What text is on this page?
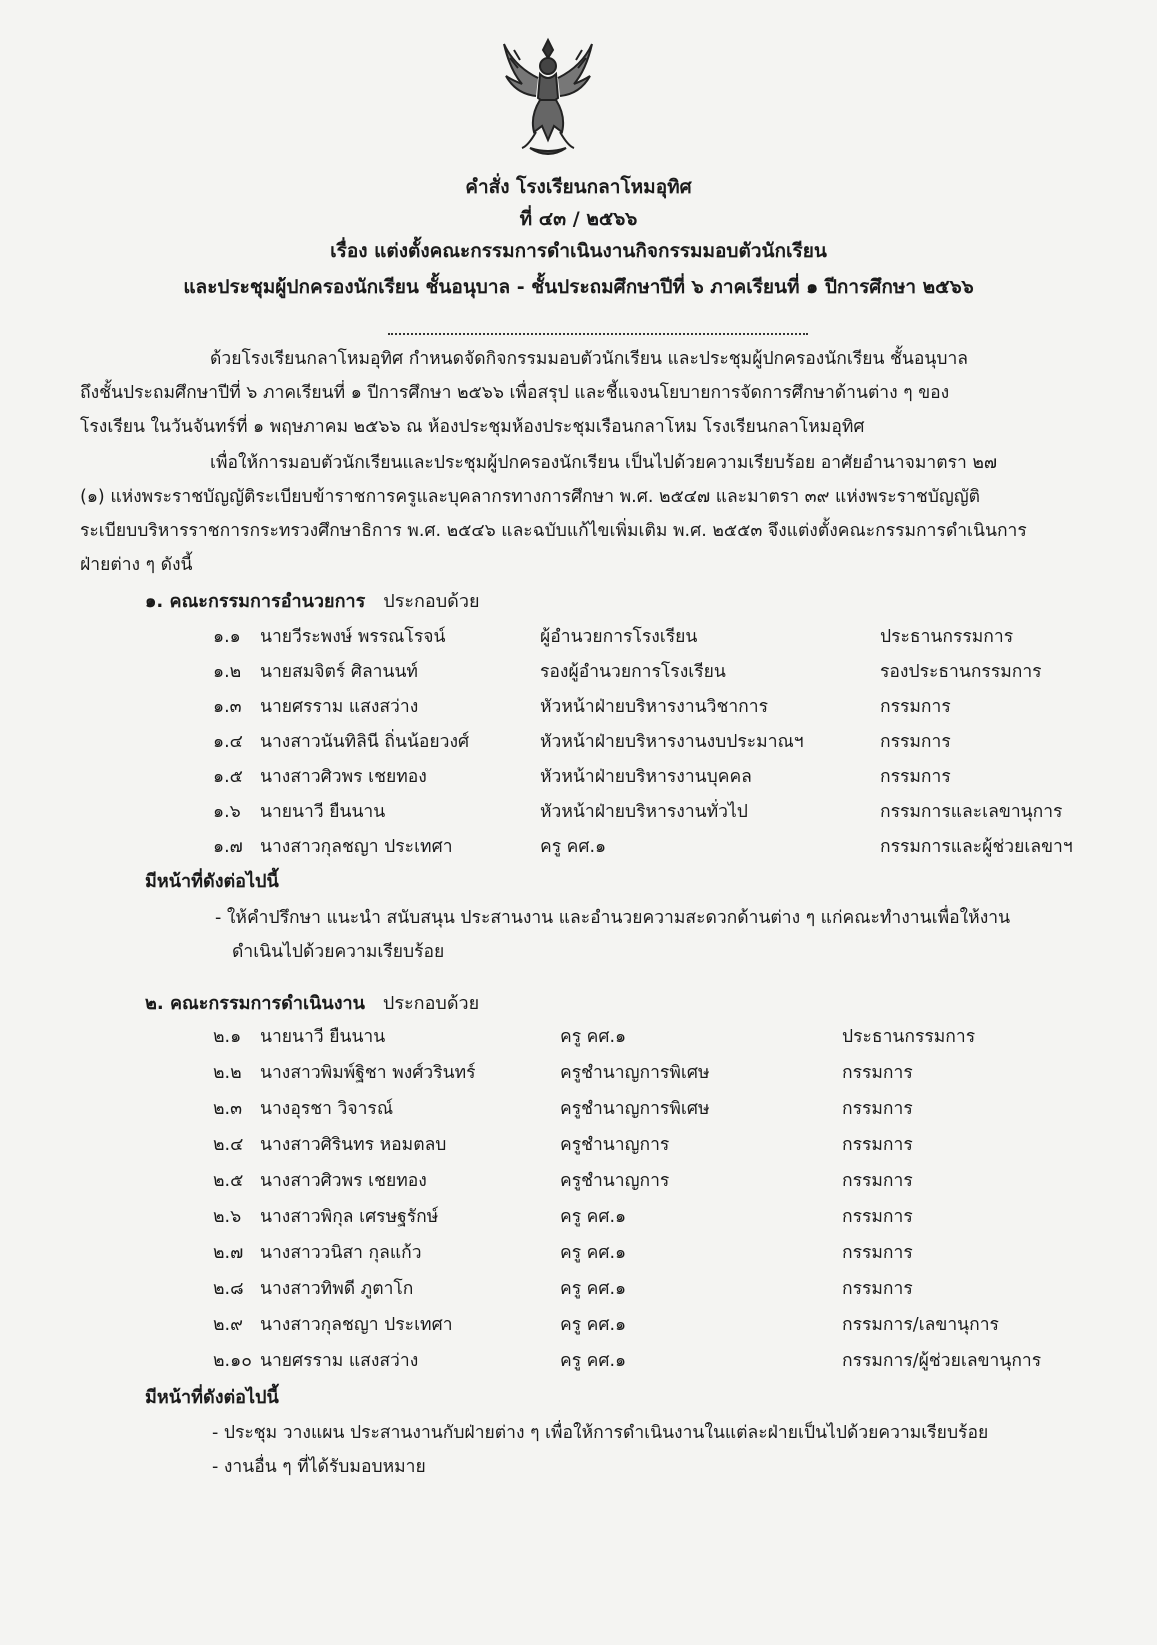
คำสั่ง โรงเรียนกลาโหมอุทิศ
ที่ ๔๓ / ๒๕๖๖
เรื่อง แต่งตั้งคณะกรรมการดำเนินงานกิจกรรมมอบตัวนักเรียน
และประชุมผู้ปกครองนักเรียน ชั้นอนุบาล - ชั้นประถมศึกษาปีที่ ๖ ภาคเรียนที่ ๑ ปีการศึกษา ๒๕๖๖
ด้วยโรงเรียนกลาโหมอุทิศ กำหนดจัดกิจกรรมมอบตัวนักเรียน และประชุมผู้ปกครองนักเรียน ชั้นอนุบาล
ถึงชั้นประถมศึกษาปีที่ ๖ ภาคเรียนที่ ๑ ปีการศึกษา ๒๕๖๖ เพื่อสรุป และชี้แจงนโยบายการจัดการศึกษาด้านต่าง ๆ ของ
โรงเรียน ในวันจันทร์ที่ ๑ พฤษภาคม ๒๕๖๖ ณ ห้องประชุมห้องประชุมเรือนกลาโหม โรงเรียนกลาโหมอุทิศ
เพื่อให้การมอบตัวนักเรียนและประชุมผู้ปกครองนักเรียน เป็นไปด้วยความเรียบร้อย อาศัยอำนาจมาตรา ๒๗
(๑) แห่งพระราชบัญญัติระเบียบข้าราชการครูและบุคลากรทางการศึกษา พ.ศ. ๒๕๔๗ และมาตรา ๓๙ แห่งพระราชบัญญัติ
ระเบียบบริหารราชการกระทรวงศึกษาธิการ พ.ศ. ๒๕๔๖ และฉบับแก้ไขเพิ่มเติม พ.ศ. ๒๕๕๓ จึงแต่งตั้งคณะกรรมการดำเนินการ
ฝ่ายต่าง ๆ ดังนี้
๑. คณะกรรมการอำนวยการ ประกอบด้วย
๑.๑ นายวีระพงษ์ พรรณโรจน์	ผู้อำนวยการโรงเรียน	ประธานกรรมการ
๑.๒ นายสมจิตร์ ศิลานนท์	รองผู้อำนวยการโรงเรียน	รองประธานกรรมการ
๑.๓ นายศรราม แสงสว่าง	หัวหน้าฝ่ายบริหารงานวิชาการ	กรรมการ
๑.๔ นางสาวนันทิลินี ถิ่นน้อยวงศ์	หัวหน้าฝ่ายบริหารงานงบประมาณฯ	กรรมการ
๑.๕ นางสาวศิวพร เชยทอง	หัวหน้าฝ่ายบริหารงานบุคคล	กรรมการ
๑.๖ นายนาวี ยืนนาน	หัวหน้าฝ่ายบริหารงานทั่วไป	กรรมการและเลขานุการ
๑.๗ นางสาวกุลชญา ประเทศา	ครู คศ.๑	กรรมการและผู้ช่วยเลขาฯ
มีหน้าที่ดังต่อไปนี้
- ให้คำปรึกษา แนะนำ สนับสนุน ประสานงาน และอำนวยความสะดวกด้านต่าง ๆ แก่คณะทำงานเพื่อให้งาน
ดำเนินไปด้วยความเรียบร้อย
๒. คณะกรรมการดำเนินงาน ประกอบด้วย
๒.๑ นายนาวี ยืนนาน	ครู คศ.๑	ประธานกรรมการ
๒.๒ นางสาวพิมพ์ฐิชา พงศ์วรินทร์	ครูชำนาญการพิเศษ	กรรมการ
๒.๓ นางอุรชา วิจารณ์	ครูชำนาญการพิเศษ	กรรมการ
๒.๔ นางสาวศิรินทร หอมตลบ	ครูชำนาญการ	กรรมการ
๒.๕ นางสาวศิวพร เชยทอง	ครูชำนาญการ	กรรมการ
๒.๖ นางสาวพิกุล เศรษฐรักษ์	ครู คศ.๑	กรรมการ
๒.๗ นางสาววนิสา กุลแก้ว	ครู คศ.๑	กรรมการ
๒.๘ นางสาวทิพดี ภูตาโก	ครู คศ.๑	กรรมการ
๒.๙ นางสาวกุลชญา ประเทศา	ครู คศ.๑	กรรมการ/เลขานุการ
๒.๑๐ นายศรราม แสงสว่าง	ครู คศ.๑	กรรมการ/ผู้ช่วยเลขานุการ
มีหน้าที่ดังต่อไปนี้
- ประชุม วางแผน ประสานงานกับฝ่ายต่าง ๆ เพื่อให้การดำเนินงานในแต่ละฝ่ายเป็นไปด้วยความเรียบร้อย
- งานอื่น ๆ ที่ได้รับมอบหมาย
